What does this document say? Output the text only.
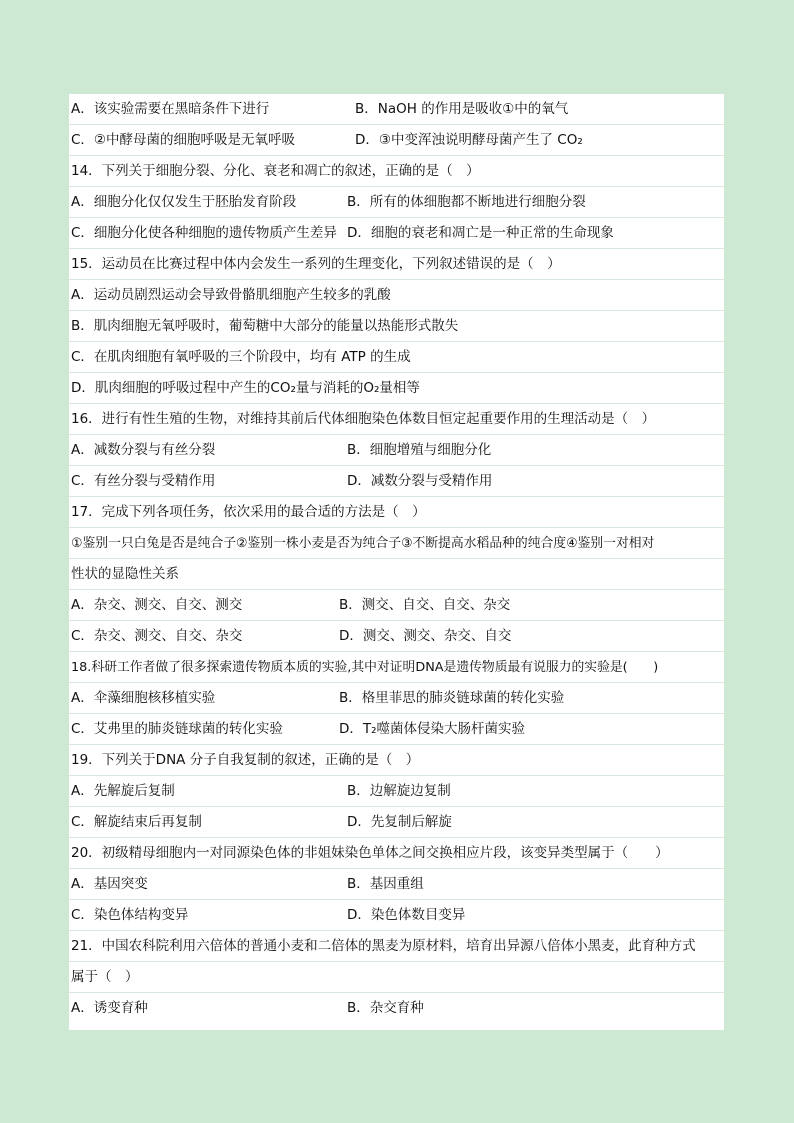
A．该实验需要在黑暗条件下进行	B．NaOH 的作用是吸收①中的氧气
C．②中酵母菌的细胞呼吸是无氧呼吸	D．③中变浑浊说明酵母菌产生了 CO₂
14．下列关于细胞分裂、分化、衰老和凋亡的叙述，正确的是（　）
A．细胞分化仅仅发生于胚胎发育阶段	B．所有的体细胞都不断地进行细胞分裂
C．细胞分化使各种细胞的遗传物质产生差异 D．细胞的衰老和凋亡是一种正常的生命现象
15．运动员在比赛过程中体内会发生一系列的生理变化，下列叙述错误的是（　）
A．运动员剧烈运动会导致骨骼肌细胞产生较多的乳酸
B．肌肉细胞无氧呼吸时，葡萄糖中大部分的能量以热能形式散失
C．在肌肉细胞有氧呼吸的三个阶段中，均有 ATP 的生成
D．肌肉细胞的呼吸过程中产生的CO₂量与消耗的O₂量相等
16．进行有性生殖的生物，对维持其前后代体细胞染色体数目恒定起重要作用的生理活动是（　）
A．减数分裂与有丝分裂	B．细胞增殖与细胞分化
C．有丝分裂与受精作用	D．减数分裂与受精作用
17．完成下列各项任务，依次采用的最合适的方法是（　）
①鉴别一只白兔是否是纯合子②鉴别一株小麦是否为纯合子③不断提高水稻品种的纯合度④鉴别一对相对
性状的显隐性关系
A．杂交、测交、自交、测交	B．测交、自交、自交、杂交
C．杂交、测交、自交、杂交	D．测交、测交、杂交、自交
18.科研工作者做了很多探索遗传物质本质的实验,其中对证明DNA是遗传物质最有说服力的实验是(　　)
A．伞藻细胞核移植实验	B．格里菲思的肺炎链球菌的转化实验
C．艾弗里的肺炎链球菌的转化实验	D．T₂噬菌体侵染大肠杆菌实验
19．下列关于DNA 分子自我复制的叙述，正确的是（　）
A．先解旋后复制	B．边解旋边复制
C．解旋结束后再复制	D．先复制后解旋
20．初级精母细胞内一对同源染色体的非姐妹染色单体之间交换相应片段，该变异类型属于（　　）
A．基因突变	B．基因重组
C．染色体结构变异	D．染色体数目变异
21．中国农科院利用六倍体的普通小麦和二倍体的黑麦为原材料，培育出异源八倍体小黑麦，此育种方式
属于（　）
A．诱变育种	B．杂交育种
